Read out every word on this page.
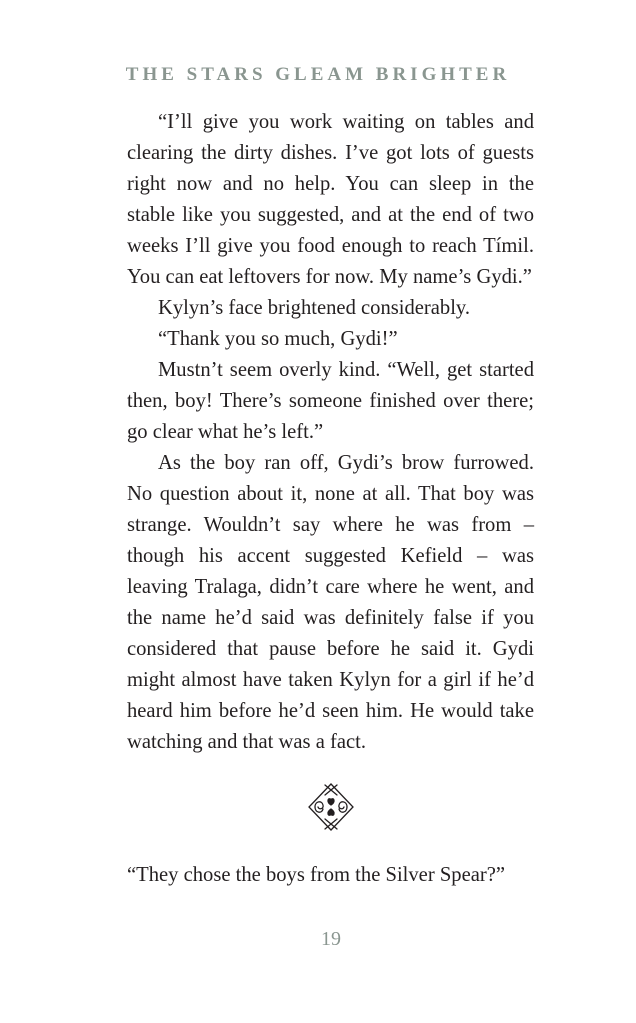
THE STARS GLEAM BRIGHTER

“I’ll give you work waiting on tables and clearing the dirty dishes. I’ve got lots of guests right now and no help. You can sleep in the stable like you suggested, and at the end of two weeks I’ll give you food enough to reach Tímil. You can eat leftovers for now. My name’s Gydi.”

Kylyn’s face brightened considerably.

“Thank you so much, Gydi!”

Mustn’t seem overly kind. “Well, get started then, boy! There’s someone finished over there; go clear what he’s left.”

As the boy ran off, Gydi’s brow furrowed. No question about it, none at all. That boy was strange. Wouldn’t say where he was from – though his accent suggested Kefield – was leaving Tralaga, didn’t care where he went, and the name he’d said was definitely false if you considered that pause before he said it. Gydi might almost have taken Kylyn for a girl if he’d heard him before he’d seen him. He would take watching and that was a fact.

“They chose the boys from the Silver Spear?”

19
